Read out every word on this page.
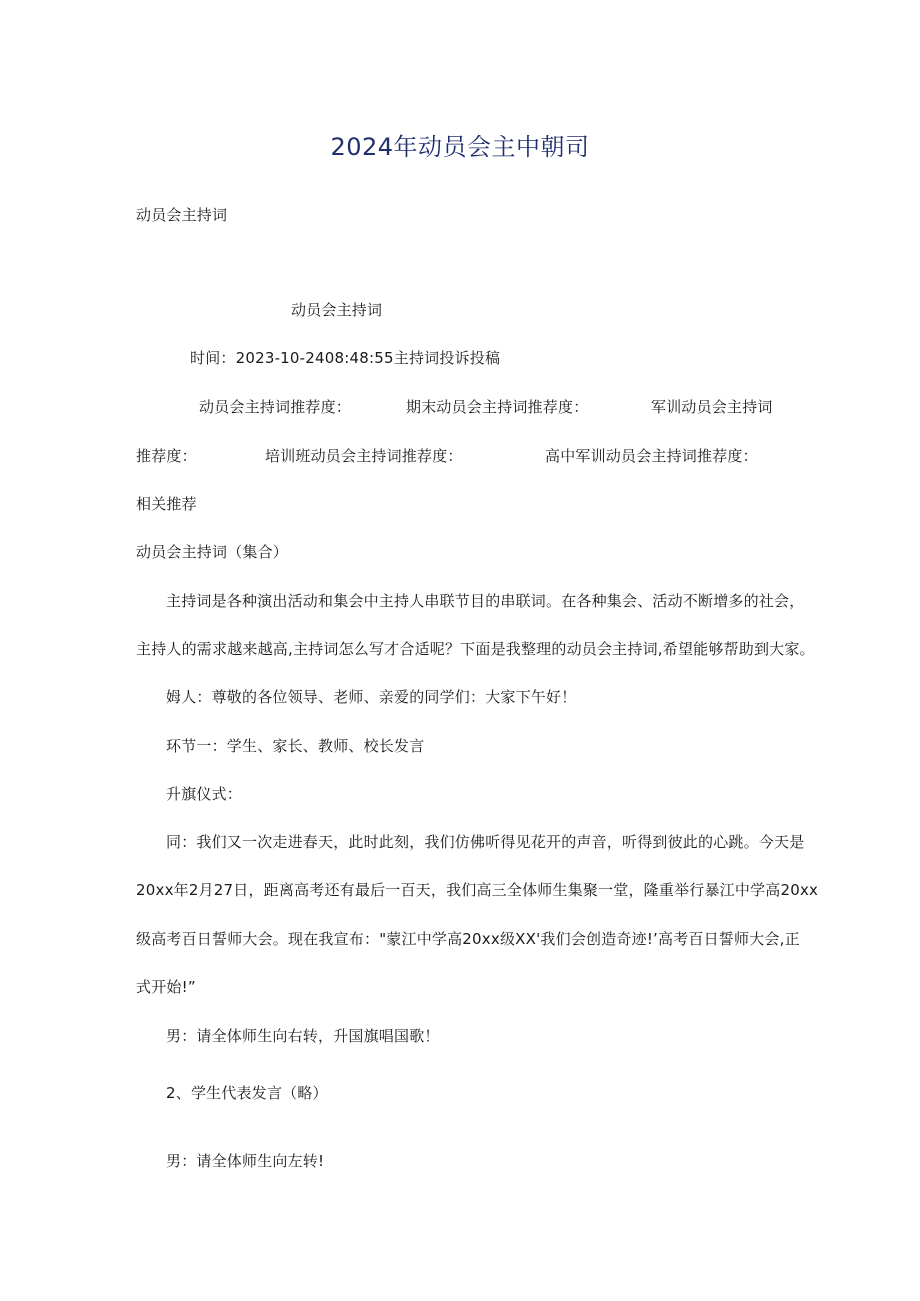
2024年动员会主中朝司
动员会主持词
动员会主持词
时间：2023-10-2408:48:55主持词投诉投稿
动员会主持词推荐度：	期末动员会主持词推荐度：	军训动员会主持词
推荐度：	培训班动员会主持词推荐度：	高中军训动员会主持词推荐度：
相关推荐
动员会主持词（集合）
主持词是各种演出活动和集会中主持人串联节目的串联词。在各种集会、活动不断增多的社会，
主持人的需求越来越高,主持词怎么写才合适呢？下面是我整理的动员会主持词,希望能够帮助到大家。
姆人：尊敬的各位领导、老师、亲爱的同学们：大家下午好！
环节一：学生、家长、教师、校长发言
升旗仪式：
同：我们又一次走进春天，此时此刻，我们仿佛听得见花开的声音，听得到彼此的心跳。今天是
20xx年2月27日，距离高考还有最后一百天，我们高三全体师生集聚一堂，隆重举行暴江中学高20xx
级高考百日誓师大会。现在我宣布："蒙江中学高20xx级XX'我们会创造奇迹!’高考百日誓师大会,正
式开始!”
男：请全体师生向右转，升国旗唱国歌！
2、学生代表发言（略）
男：请全体师生向左转!
